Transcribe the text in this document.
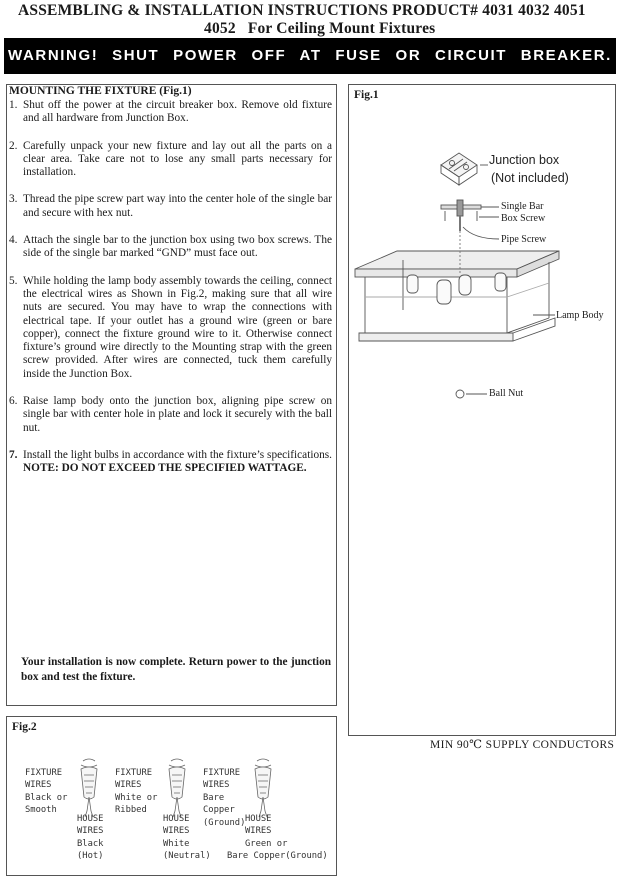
ASSEMBLING & INSTALLATION INSTRUCTIONS PRODUCT# 4031 4032 4051
4052 For Ceiling Mount Fixtures
WARNING! SHUT POWER OFF AT FUSE OR CIRCUIT BREAKER.
MOUNTING THE FIXTURE (Fig.1)
1. Shut off the power at the circuit breaker box. Remove old fixture and all hardware from Junction Box.
2. Carefully unpack your new fixture and lay out all the parts on a clear area. Take care not to lose any small parts necessary for installation.
3. Thread the pipe screw part way into the center hole of the single bar and secure with hex nut.
4. Attach the single bar to the junction box using two box screws. The side of the single bar marked “GND” must face out.
5. While holding the lamp body assembly towards the ceiling, connect the electrical wires as Shown in Fig.2, making sure that all wire nuts are secured. You may have to wrap the connections with electrical tape. If your outlet has a ground wire (green or bare copper), connect the fixture ground wire to it. Otherwise connect fixture’s ground wire directly to the Mounting strap with the green screw provided. After wires are connected, tuck them carefully inside the Junction Box.
6. Raise lamp body onto the junction box, aligning pipe screw on single bar with center hole in plate and lock it securely with the ball nut.
7. Install the light bulbs in accordance with the fixture’s specifications. NOTE: DO NOT EXCEED THE SPECIFIED WATTAGE.
Your installation is now complete. Return power to the junction box and test the fixture.
Fig.1
Junction box
(Not included)
Single Bar
Box Screw
Pipe Screw
Lamp Body
Ball Nut
MIN 90℃ SUPPLY CONDUCTORS
Fig.2
FIXTURE
WIRES
Black or
Smooth
HOUSE
WIRES
Black
(Hot)
FIXTURE
WIRES
White or
Ribbed
HOUSE
WIRES
White
(Neutral)
FIXTURE
WIRES
Bare
Copper
(Ground) HOUSE
WIRES
Green or
Bare Copper(Ground)
